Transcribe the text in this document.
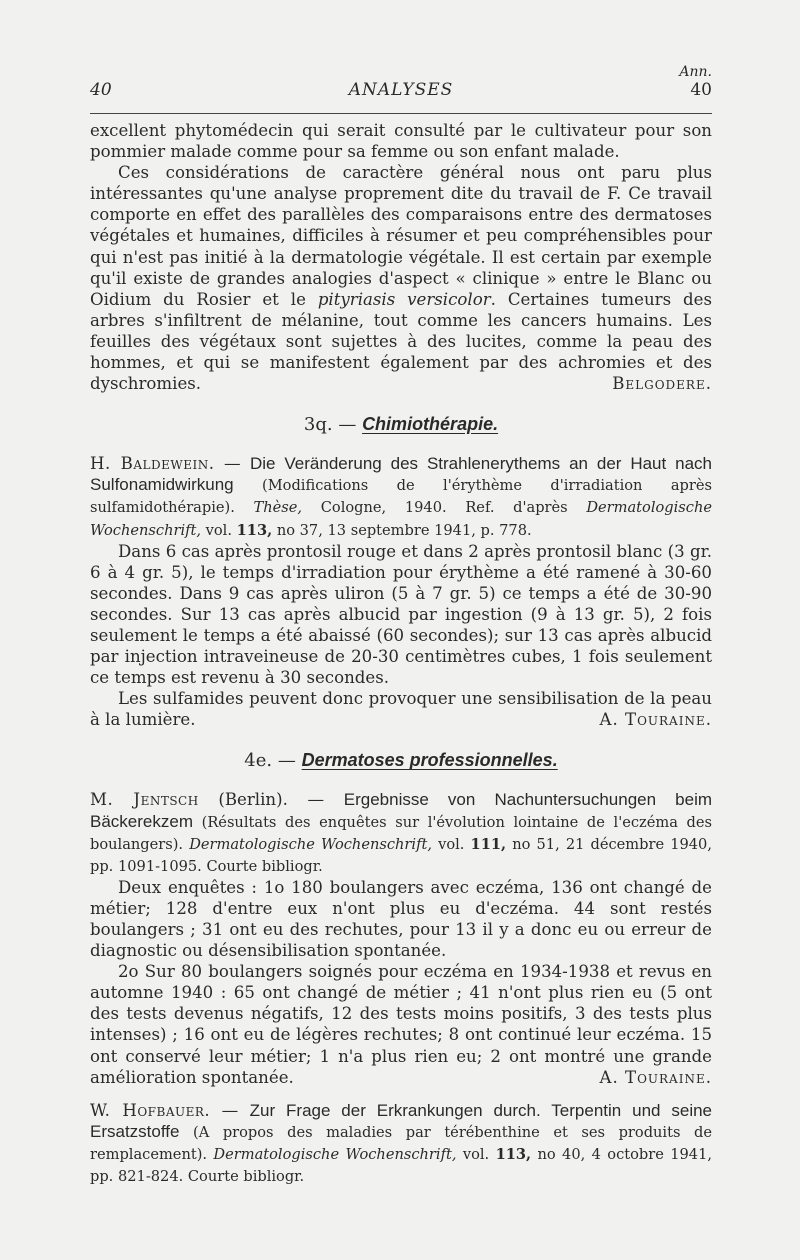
Ann.
40	ANALYSES	40

excellent phytomédecin qui serait consulté par le cultivateur pour son pommier malade comme pour sa femme ou son enfant malade.

Ces considérations de caractère général nous ont paru plus intéressantes qu'une analyse proprement dite du travail de F. Ce travail comporte en effet des parallèles des comparaisons entre des dermatoses végétales et humaines, difficiles à résumer et peu compréhensibles pour qui n'est pas initié à la dermatologie végétale. Il est certain par exemple qu'il existe de grandes analogies d'aspect « clinique » entre le Blanc ou Oidium du Rosier et le pityriasis versicolor. Certaines tumeurs des arbres s'infiltrent de mélanine, tout comme les cancers humains. Les feuilles des végétaux sont sujettes à des lucites, comme la peau des hommes, et qui se manifestent également par des achromies et des dyschromies.	Belgodere.

3q. — Chimiothérapie.

H. Baldewein. — Die Veränderung des Strahlenerythems an der Haut nach Sulfonamidwirkung (Modifications de l'érythème d'irradiation après sulfamidothérapie). Thèse, Cologne, 1940. Ref. d'après Dermatologische Wochenschrift, vol. 113, no 37, 13 septembre 1941, p. 778.

Dans 6 cas après prontosil rouge et dans 2 après prontosil blanc (3 gr. 6 à 4 gr. 5), le temps d'irradiation pour érythème a été ramené à 30-60 secondes. Dans 9 cas après uliron (5 à 7 gr. 5) ce temps a été de 30-90 secondes. Sur 13 cas après albucid par ingestion (9 à 13 gr. 5), 2 fois seulement le temps a été abaissé (60 secondes); sur 13 cas après albucid par injection intraveineuse de 20-30 centimètres cubes, 1 fois seulement ce temps est revenu à 30 secondes.

Les sulfamides peuvent donc provoquer une sensibilisation de la peau à la lumière.	A. Touraine.

4e. — Dermatoses professionnelles.

M. Jentsch (Berlin). — Ergebnisse von Nachuntersuchungen beim Bäckerekzem (Résultats des enquêtes sur l'évolution lointaine de l'eczéma des boulangers). Dermatologische Wochenschrift, vol. 111, no 51, 21 décembre 1940, pp. 1091-1095. Courte bibliogr.

Deux enquêtes : 1o 180 boulangers avec eczéma, 136 ont changé de métier; 128 d'entre eux n'ont plus eu d'eczéma. 44 sont restés boulangers ; 31 ont eu des rechutes, pour 13 il y a donc eu ou erreur de diagnostic ou désensibilisation spontanée.

2o Sur 80 boulangers soignés pour eczéma en 1934-1938 et revus en automne 1940 : 65 ont changé de métier ; 41 n'ont plus rien eu (5 ont des tests devenus négatifs, 12 des tests moins positifs, 3 des tests plus intenses) ; 16 ont eu de légères rechutes; 8 ont continué leur eczéma. 15 ont conservé leur métier; 1 n'a plus rien eu; 2 ont montré une grande amélioration spontanée.	A. Touraine.

W. Hofbauer. — Zur Frage der Erkrankungen durch. Terpentin und seine Ersatzstoffe (A propos des maladies par térébenthine et ses produits de remplacement). Dermatologische Wochenschrift, vol. 113, no 40, 4 octobre 1941, pp. 821-824. Courte bibliogr.
